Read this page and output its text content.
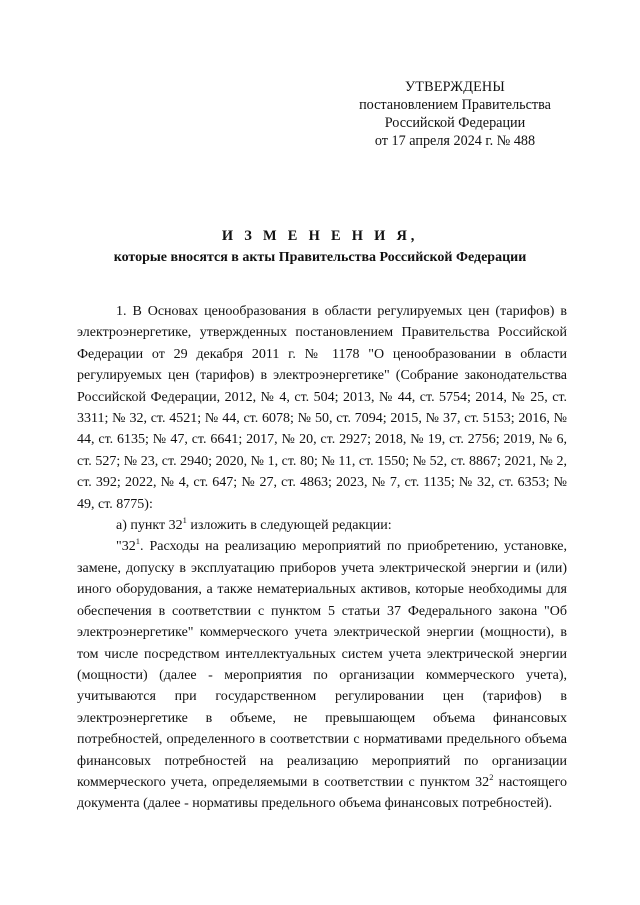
УТВЕРЖДЕНЫ
постановлением Правительства
Российской Федерации
от 17 апреля 2024 г. № 488
И З М Е Н Е Н И Я,
которые вносятся в акты Правительства Российской Федерации

1. В Основах ценообразования в области регулируемых цен (тарифов) в электроэнергетике, утвержденных постановлением Правительства Российской Федерации от 29 декабря 2011 г. № 1178 "О ценообразовании в области регулируемых цен (тарифов) в электроэнергетике" (Собрание законодательства Российской Федерации, 2012, № 4, ст. 504; 2013, № 44, ст. 5754; 2014, № 25, ст. 3311; № 32, ст. 4521; № 44, ст. 6078; № 50, ст. 7094; 2015, № 37, ст. 5153; 2016, № 44, ст. 6135; № 47, ст. 6641; 2017, № 20, ст. 2927; 2018, № 19, ст. 2756; 2019, № 6, ст. 527; № 23, ст. 2940; 2020, № 1, ст. 80; № 11, ст. 1550; № 52, ст. 8867; 2021, № 2, ст. 392; 2022, № 4, ст. 647; № 27, ст. 4863; 2023, № 7, ст. 1135; № 32, ст. 6353; № 49, ст. 8775):

а) пункт $32^1$ изложить в следующей редакции:

"$32^1$. Расходы на реализацию мероприятий по приобретению, установке, замене, допуску в эксплуатацию приборов учета электрической энергии и (или) иного оборудования, а также нематериальных активов, которые необходимы для обеспечения в соответствии с пунктом 5 статьи 37 Федерального закона "Об электроэнергетике" коммерческого учета электрической энергии (мощности), в том числе посредством интеллектуальных систем учета электрической энергии (мощности) (далее - мероприятия по организации коммерческого учета), учитываются при государственном регулировании цен (тарифов) в электроэнергетике в объеме, не превышающем объема финансовых потребностей, определенного в соответствии с нормативами предельного объема финансовых потребностей на реализацию мероприятий по организации коммерческого учета, определяемыми в соответствии с пунктом $32^2$ настоящего документа (далее - нормативы предельного объема финансовых потребностей).
